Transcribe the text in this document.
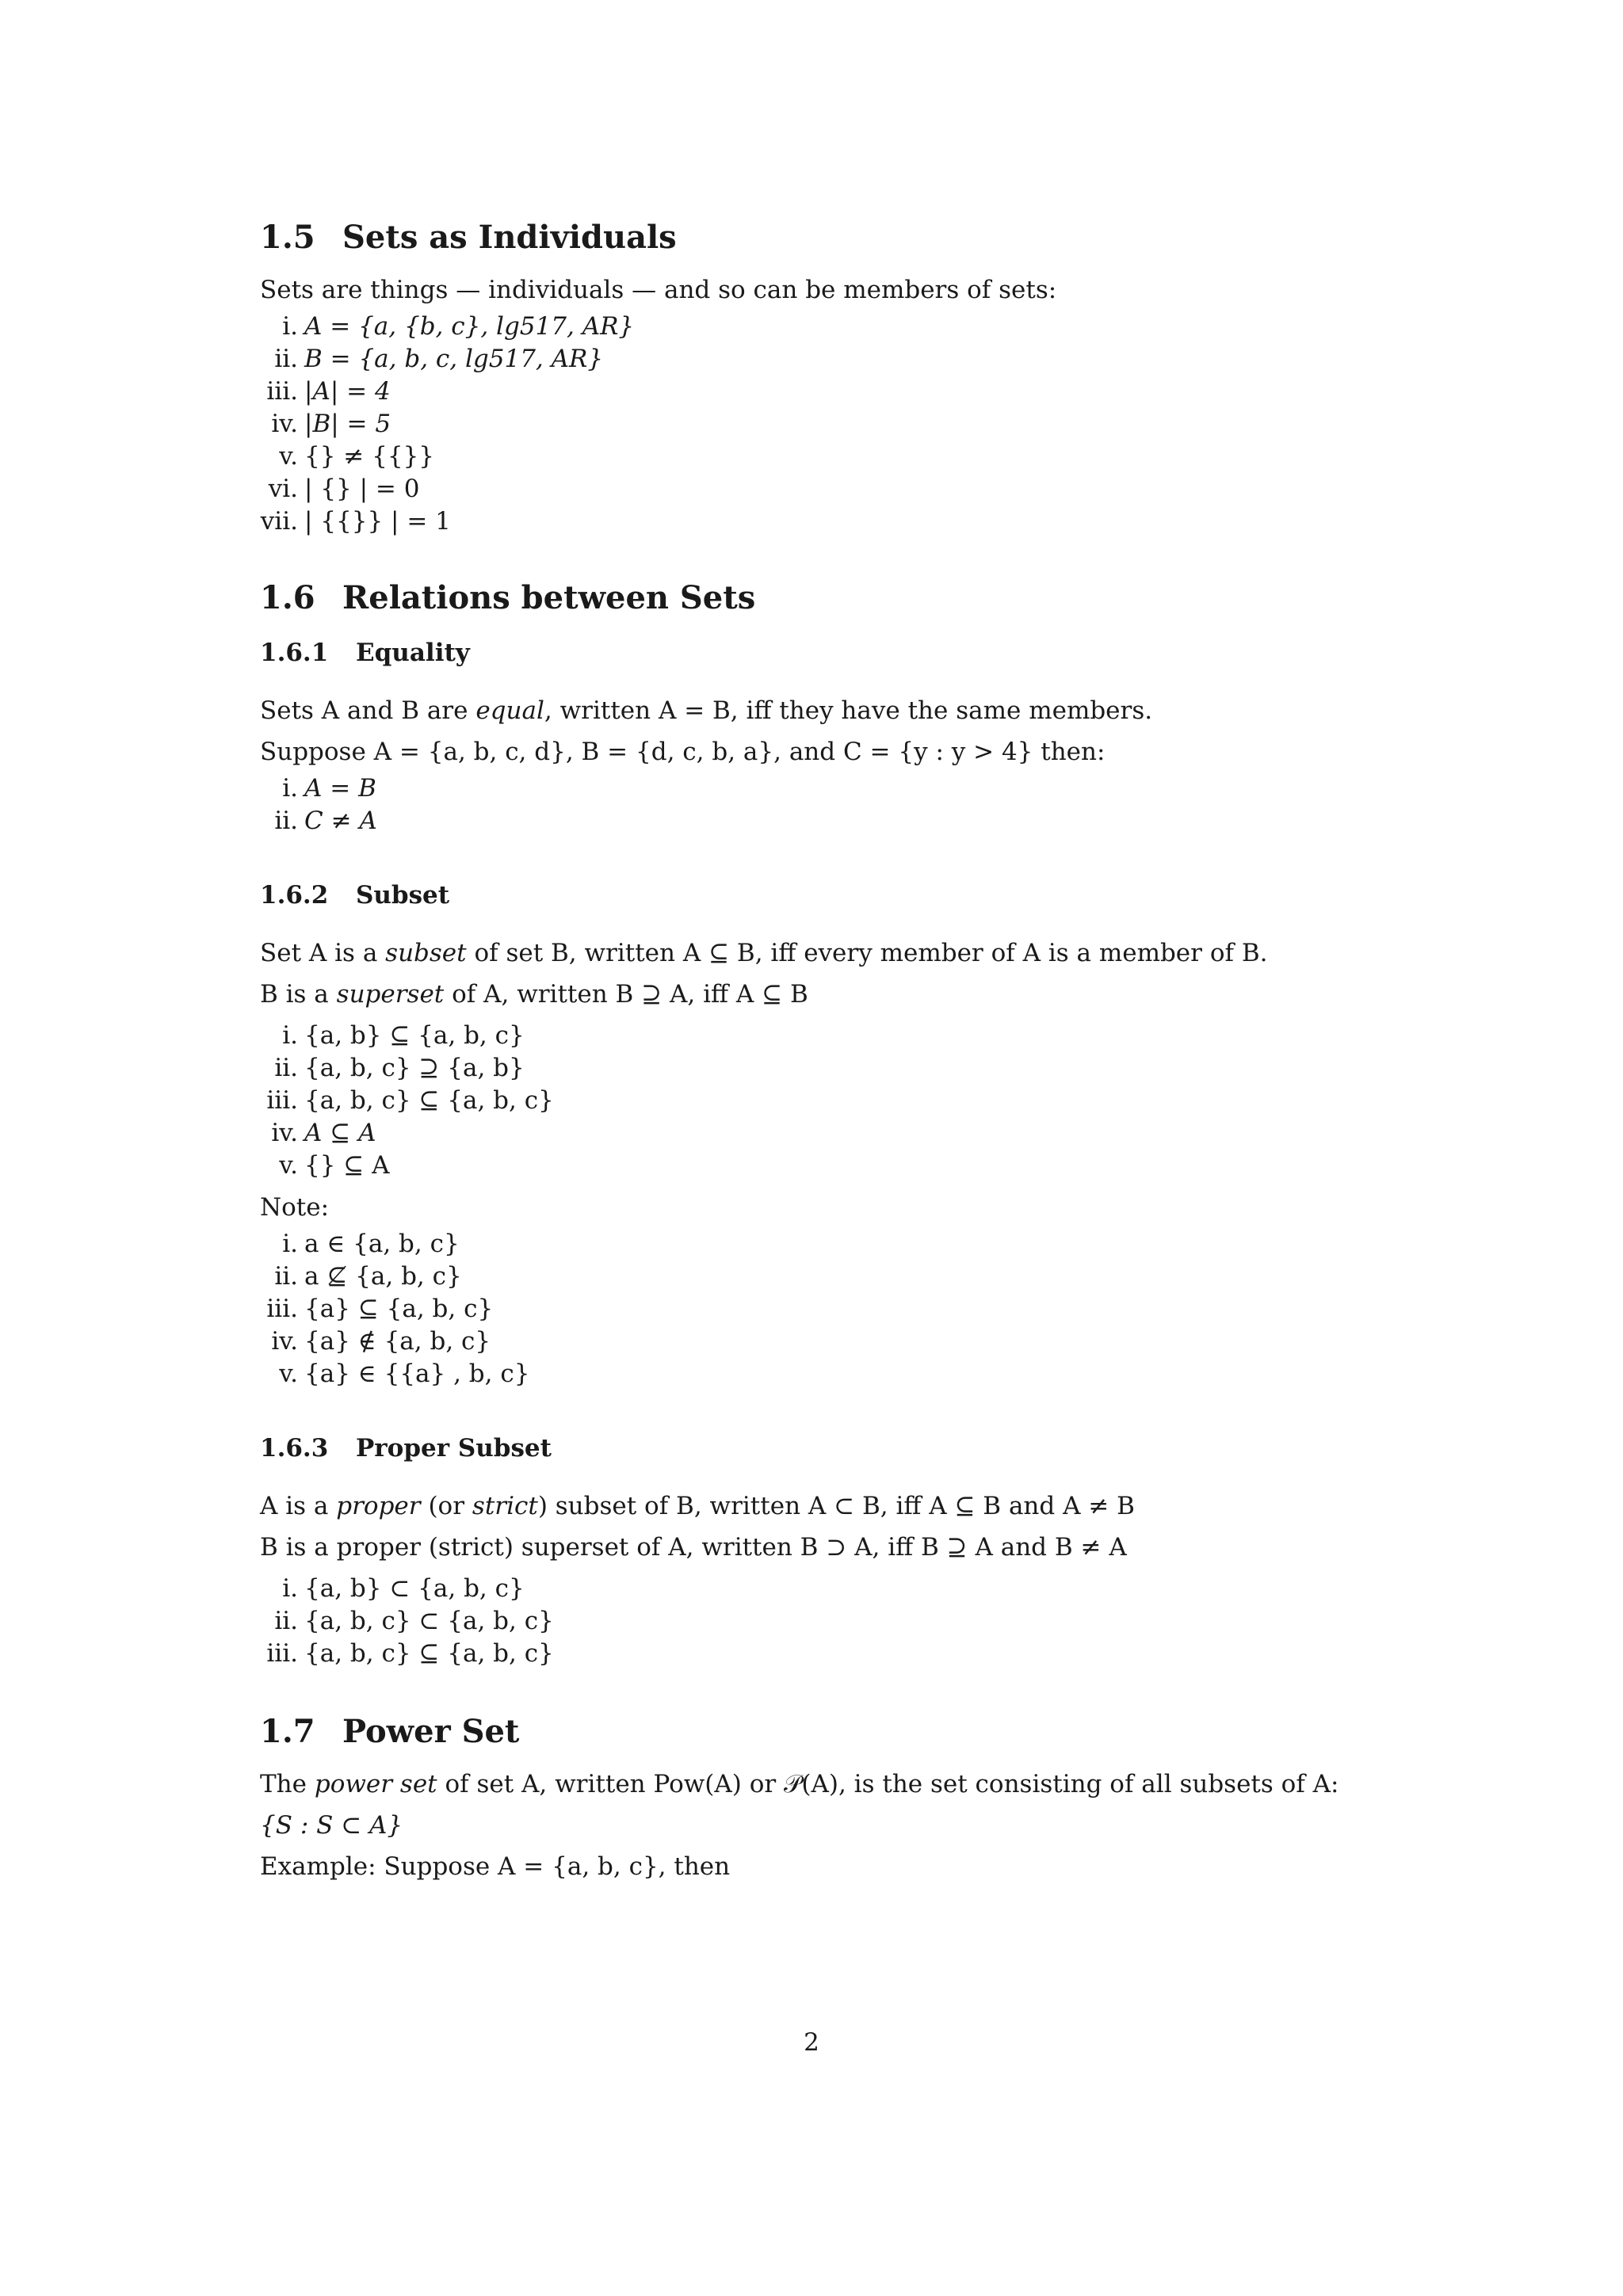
1.5 Sets as Individuals

Sets are things — individuals — and so can be members of sets:

i. A = {a, {b, c}, lg517, AR}
ii. B = {a, b, c, lg517, AR}
iii. |A| = 4
iv. |B| = 5
v. {} ≠ {{}}
vi. | {} | = 0
vii. | {{}} | = 1
1.6 Relations between Sets
1.6.1 Equality

Sets A and B are equal, written A = B, iff they have the same members.

Suppose A = {a, b, c, d}, B = {d, c, b, a}, and C = {y : y > 4} then:

i. A = B
ii. C ≠ A
1.6.2 Subset

Set A is a subset of set B, written A ⊆ B, iff every member of A is a member of B.

B is a superset of A, written B ⊇ A, iff A ⊆ B

i. {a, b} ⊆ {a, b, c}
ii. {a, b, c} ⊇ {a, b}
iii. {a, b, c} ⊆ {a, b, c}
iv. A ⊆ A
v. {} ⊆ A

Note:

i. a ∈ {a, b, c}
ii. a ⊈ {a, b, c}
iii. {a} ⊆ {a, b, c}
iv. {a} ∉ {a, b, c}
v. {a} ∈ {{a} , b, c}
1.6.3 Proper Subset

A is a proper (or strict) subset of B, written A ⊂ B, iff A ⊆ B and A ≠ B

B is a proper (strict) superset of A, written B ⊃ A, iff B ⊇ A and B ≠ A

i. {a, b} ⊂ {a, b, c}
ii. {a, b, c} ⊂ {a, b, c}
iii. {a, b, c} ⊆ {a, b, c}
1.7 Power Set

The power set of set A, written Pow(A) or 𝒫(A), is the set consisting of all subsets of A:

{S : S ⊂ A}

Example: Suppose A = {a, b, c}, then

2
